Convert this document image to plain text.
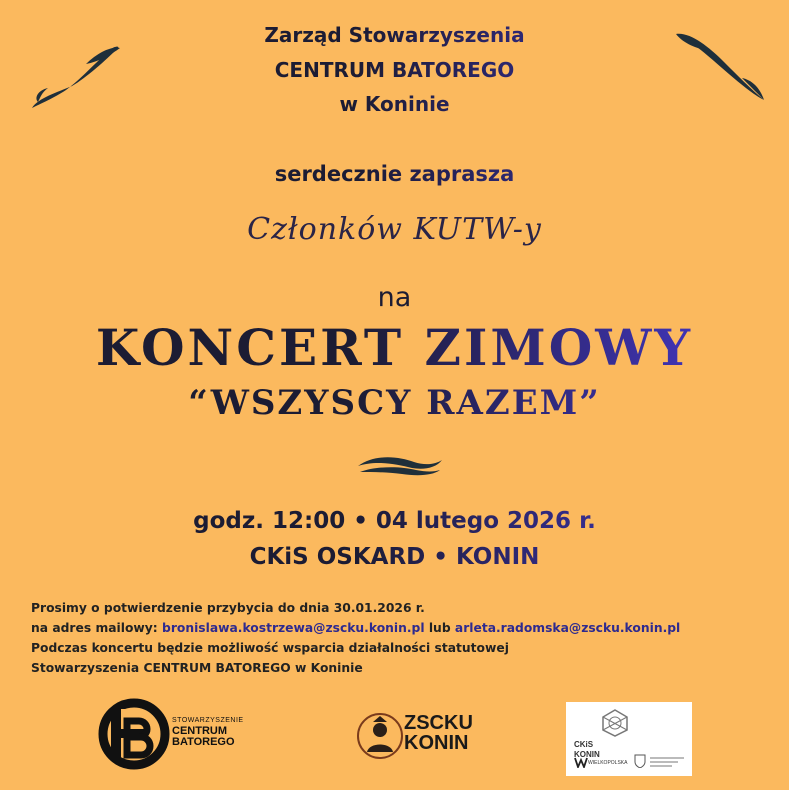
Zarząd Stowarzyszenia
CENTRUM BATOREGO
w Koninie
serdecznie zaprasza
Członków KUTW-y
na
KONCERT ZIMOWY
“WSZYSCY RAZEM”
godz. 12:00 • 04 lutego 2026 r.
CKiS OSKARD • KONIN
Prosimy o potwierdzenie przybycia do dnia 30.01.2026 r.
na adres mailowy: bronislawa.kostrzewa@zscku.konin.pl lub arleta.radomska@zscku.konin.pl
Podczas koncertu będzie możliwość wsparcia działalności statutowej
Stowarzyszenia CENTRUM BATOREGO w Koninie
STOWARZYSZENIE
CENTRUM
BATOREGO
ZSCKU
KONIN	CKiS
KONIN
WIELKOPOLSKA
